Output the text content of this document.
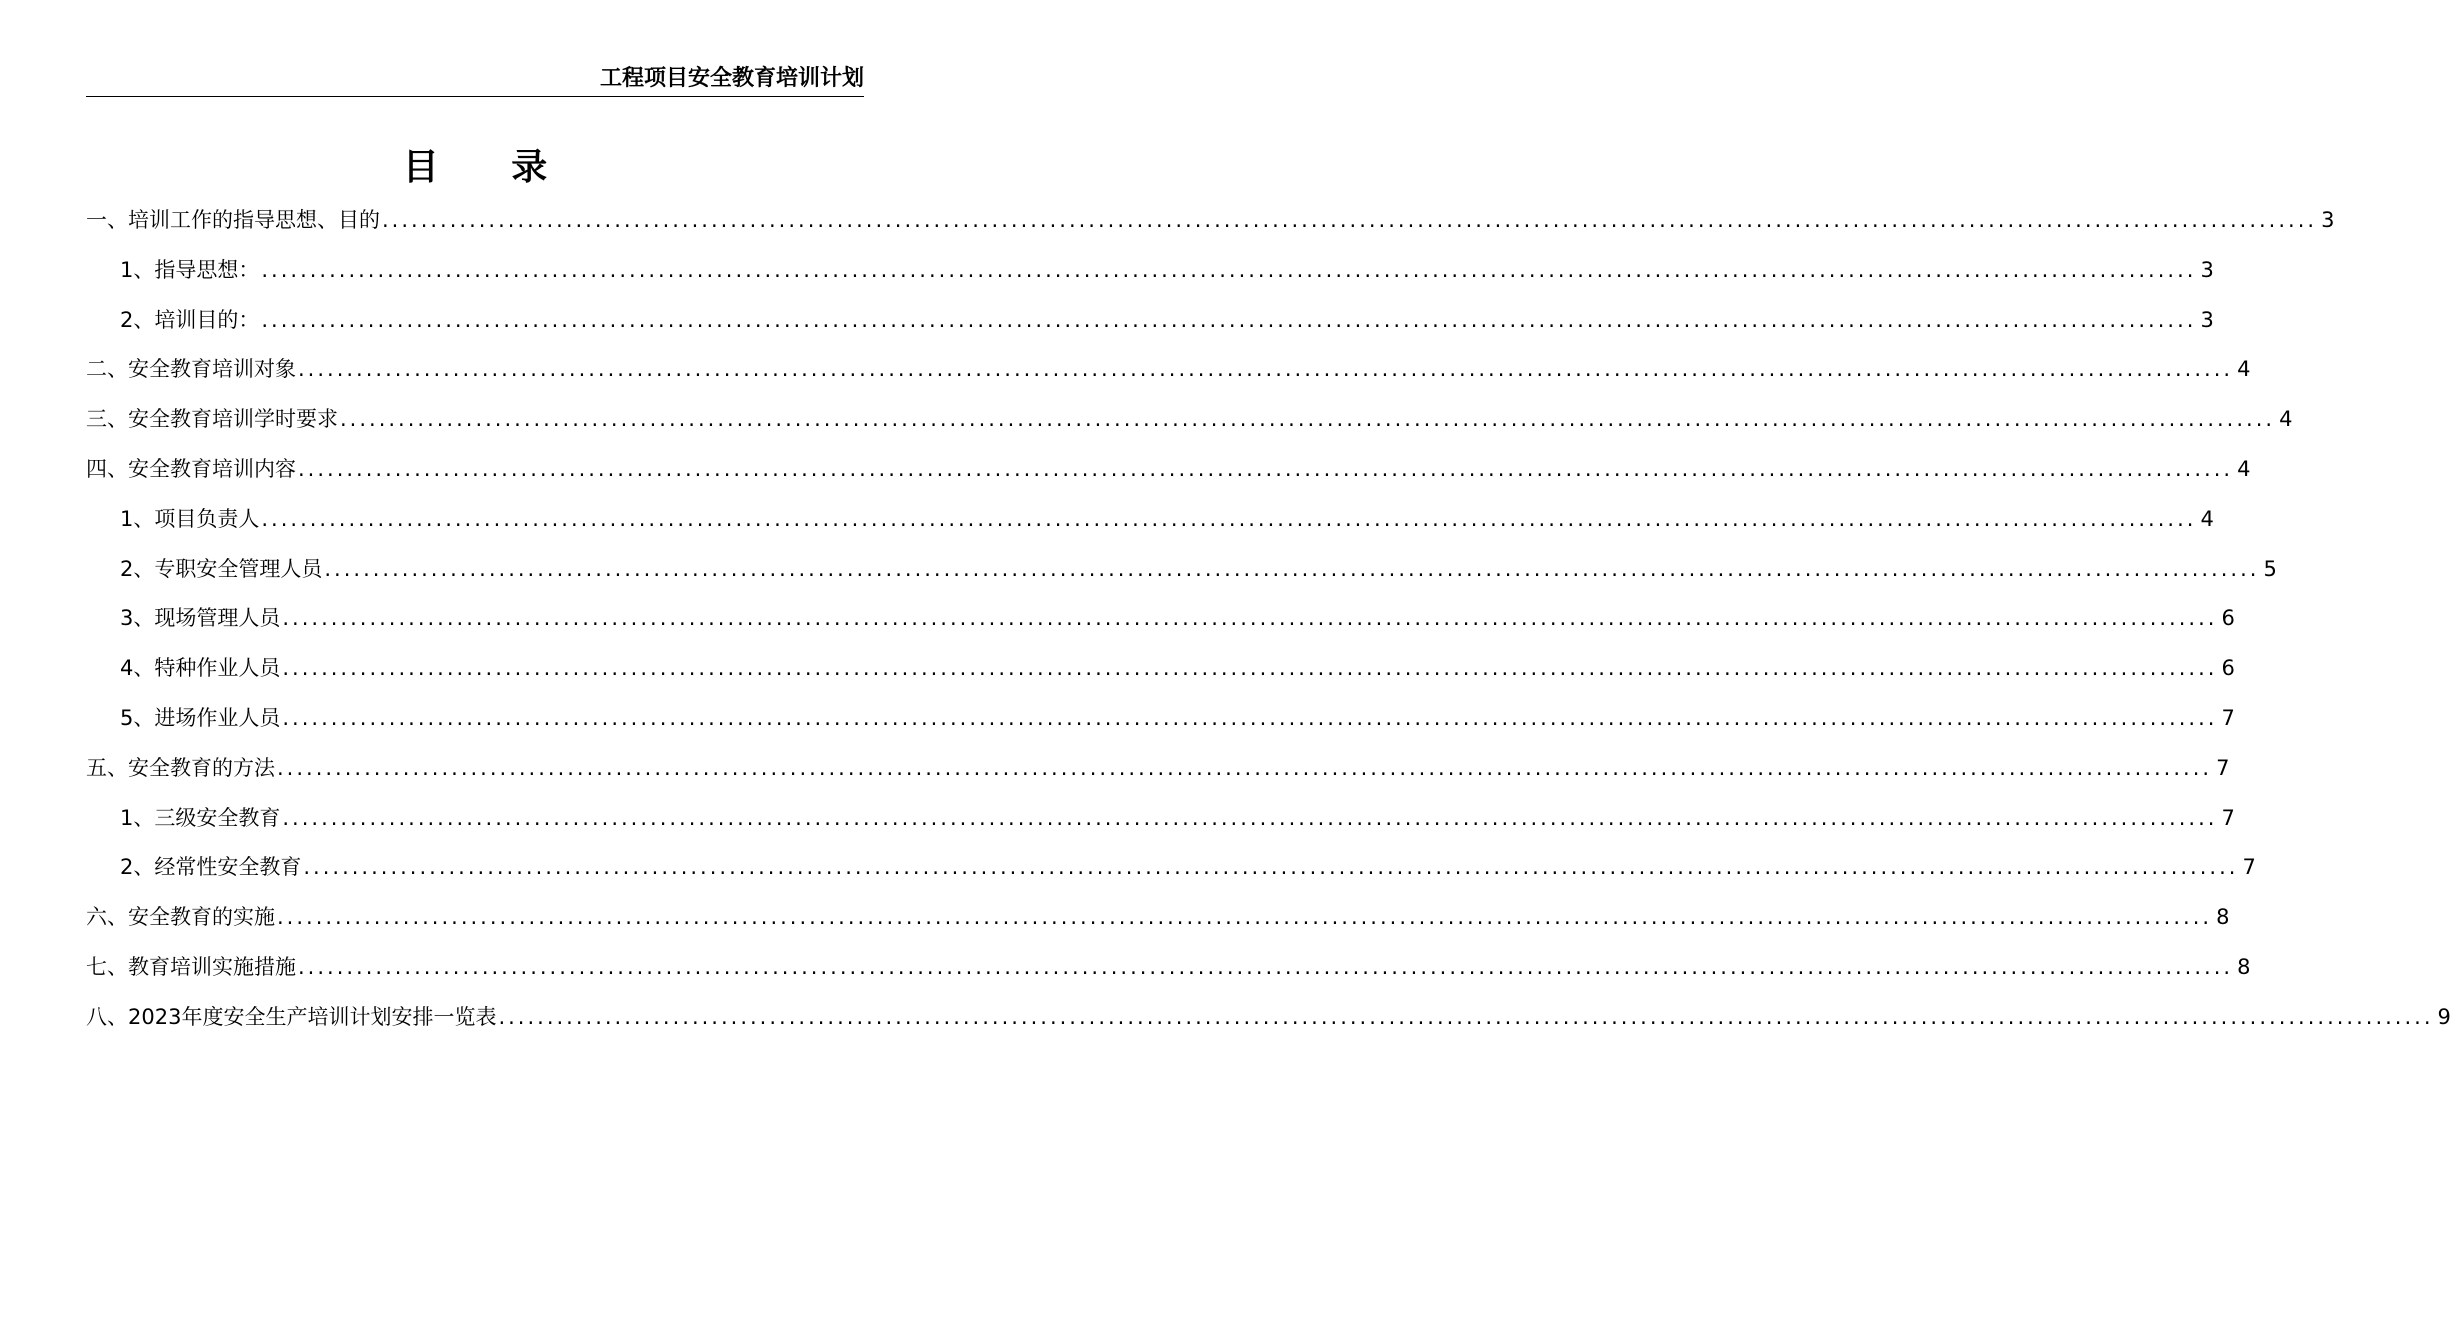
工程项目安全教育培训计划
目 录
一、培训工作的指导思想、目的 ........................................................................................................................................................................................................ 3
1、指导思想： ........................................................................................................................................................................................................ 3
2、培训目的： ........................................................................................................................................................................................................ 3
二、安全教育培训对象 ........................................................................................................................................................................................................ 4
三、安全教育培训学时要求 ........................................................................................................................................................................................................ 4
四、安全教育培训内容 ........................................................................................................................................................................................................ 4
1、项目负责人 ........................................................................................................................................................................................................ 4
2、专职安全管理人员 ........................................................................................................................................................................................................ 5
3、现场管理人员 ........................................................................................................................................................................................................ 6
4、特种作业人员 ........................................................................................................................................................................................................ 6
5、进场作业人员 ........................................................................................................................................................................................................ 7
五、安全教育的方法 ........................................................................................................................................................................................................ 7
1、三级安全教育 ........................................................................................................................................................................................................ 7
2、经常性安全教育 ........................................................................................................................................................................................................ 7
六、安全教育的实施 ........................................................................................................................................................................................................ 8
七、教育培训实施措施 ........................................................................................................................................................................................................ 8
八、2023年度安全生产培训计划安排一览表 ........................................................................................................................................................................................................ 9
